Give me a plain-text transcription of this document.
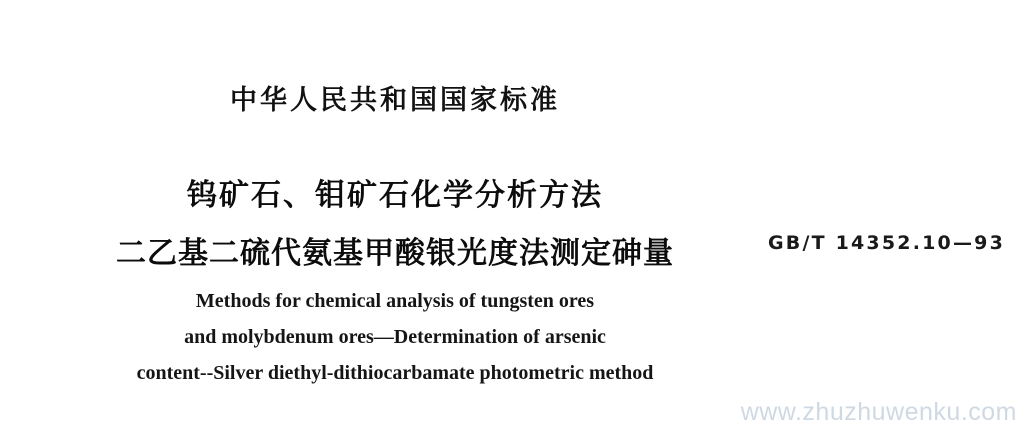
中华人民共和国国家标准
钨矿石、钼矿石化学分析方法
二乙基二硫代氨基甲酸银光度法测定砷量	GB/T 14352.10—93
Methods for chemical analysis of tungsten ores
and molybdenum ores—Determination of arsenic
content--Silver diethyl-dithiocarbamate photometric method
www.zhuzhuwenku.com
